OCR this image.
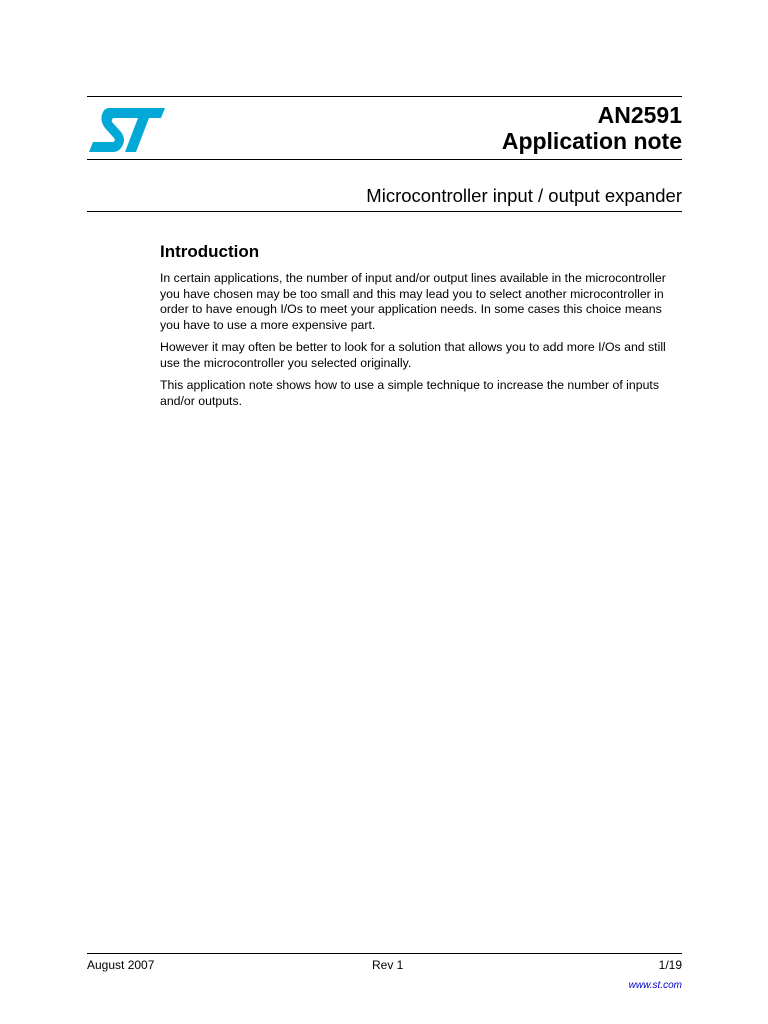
AN2591
Application note
Microcontroller input / output expander
Introduction

In certain applications, the number of input and/or output lines available in the microcontroller you have chosen may be too small and this may lead you to select another microcontroller in order to have enough I/Os to meet your application needs. In some cases this choice means you have to use a more expensive part.

However it may often be better to look for a solution that allows you to add more I/Os and still use the microcontroller you selected originally.

This application note shows how to use a simple technique to increase the number of inputs and/or outputs.

August 2007	Rev 1	1/19
www.st.com
